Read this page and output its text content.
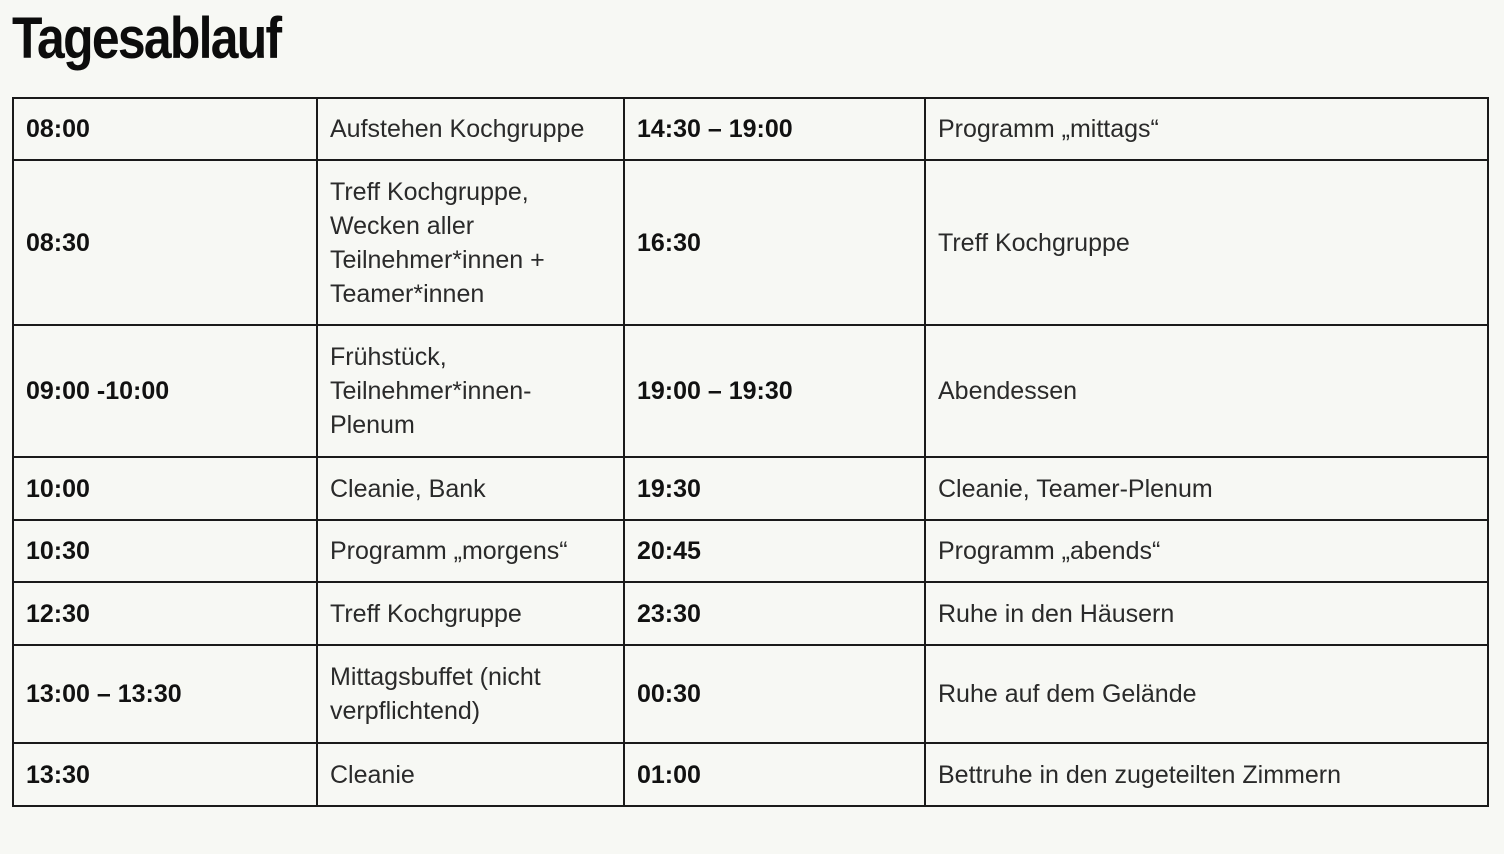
Tagesablauf
08:00	Aufstehen Kochgruppe	14:30 – 19:00	Programm „mittags“
08:30	Treff Kochgruppe, Wecken aller Teilnehmer*innen + Teamer*innen	16:30	Treff Kochgruppe
09:00 -10:00	Frühstück, Teilnehmer*innen-Plenum	19:00 – 19:30	Abendessen
10:00	Cleanie, Bank	19:30	Cleanie, Teamer-Plenum
10:30	Programm „morgens“	20:45	Programm „abends“
12:30	Treff Kochgruppe	23:30	Ruhe in den Häusern
13:00 – 13:30	Mittagsbuffet (nicht verpflichtend)	00:30	Ruhe auf dem Gelände
13:30	Cleanie	01:00	Bettruhe in den zugeteilten Zimmern
